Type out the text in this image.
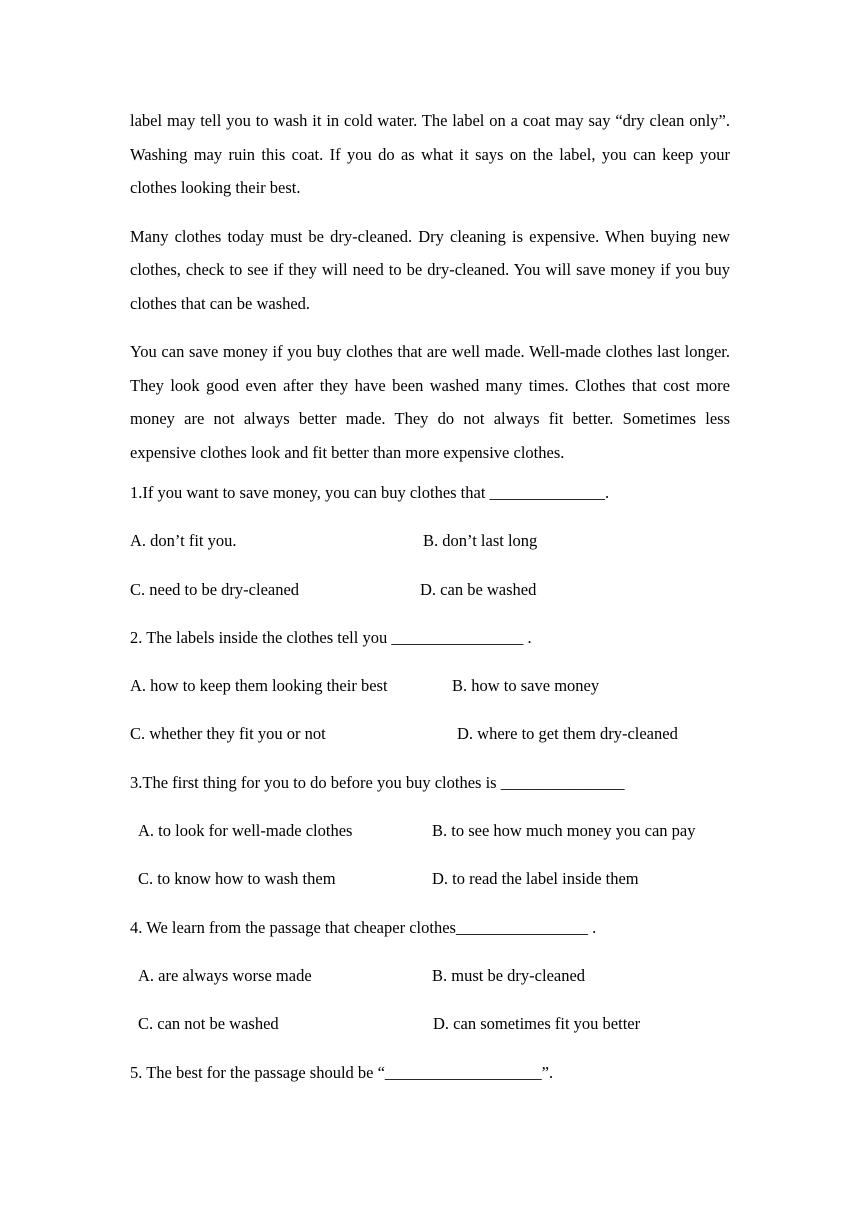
label may tell you to wash it in cold water. The label on a coat may say “dry clean only”. Washing may ruin this coat. If you do as what it says on the label, you can keep your clothes looking their best.

Many clothes today must be dry-cleaned. Dry cleaning is expensive. When buying new clothes, check to see if they will need to be dry-cleaned. You will save money if you buy clothes that can be washed.

You can save money if you buy clothes that are well made. Well-made clothes last longer. They look good even after they have been washed many times. Clothes that cost more money are not always better made. They do not always fit better. Sometimes less expensive clothes look and fit better than more expensive clothes.

1.If you want to save money, you can buy clothes that ______________.
A. don’t fit you.	B. don’t last long
C. need to be dry-cleaned	D. can be washed
2. The labels inside the clothes tell you ________________ .
A. how to keep them looking their best	B. how to save money
C. whether they fit you or not	D. where to get them dry-cleaned
3.The first thing for you to do before you buy clothes is _______________
A. to look for well-made clothes	B. to see how much money you can pay
C. to know how to wash them	D. to read the label inside them
4. We learn from the passage that cheaper clothes________________ .
A. are always worse made	B. must be dry-cleaned
C. can not be washed	D. can sometimes fit you better
5. The best for the passage should be “___________________”.
